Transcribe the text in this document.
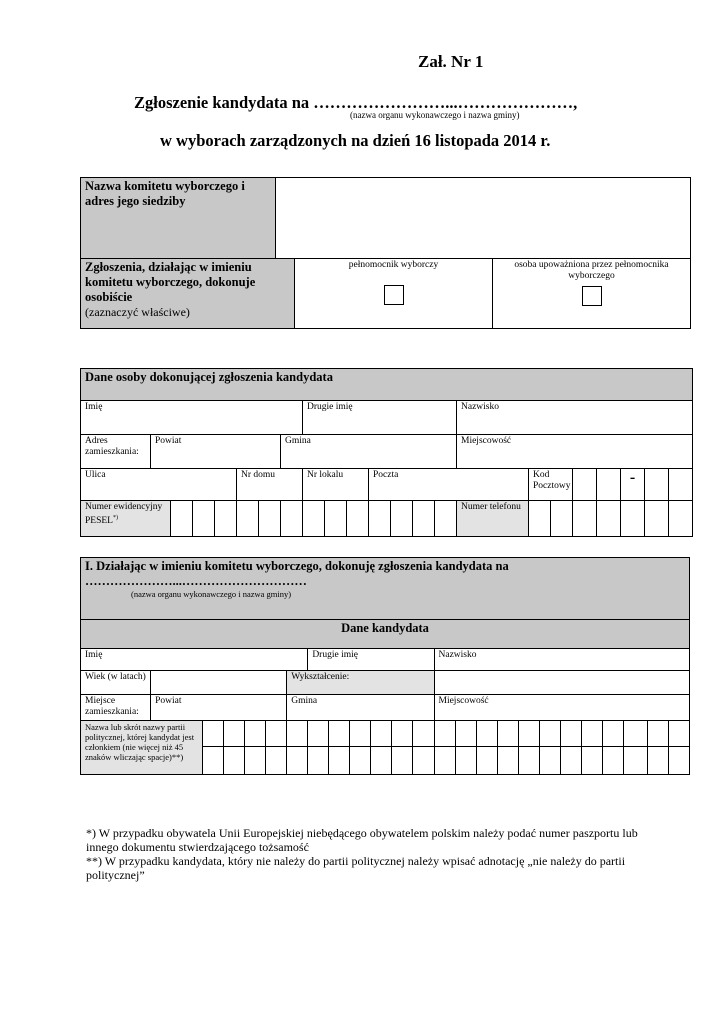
Zał. Nr 1
Zgłoszenie kandydata na ……………………...…………………,
(nazwa organu wykonawczego i nazwa gminy)
w wyborach zarządzonych na dzień 16 listopada 2014 r.
Nazwa komitetu wyborczego i adres jego siedziby			

Zgłoszenia, działając w imieniu komitetu wyborczego, dokonuje osobiście
(zaznaczyć właściwe)		pełnomocnik wyborczy	osoba upoważniona przez pełnomocnika wyborczego
Dane osoby dokonującej zgłoszenia kandydata																						
Imię								Drugie imię							Nazwisko							
Adres zamieszkania:	Powiat						Gmina								Miejscowość							
Ulica					Nr domu			Nr lokalu			Poczta					Kod Pocztowy				-		
Numer ewidencyjny PESEL*)															Numer telefonu							
I. Działając w imieniu komitetu wyborczego, dokonuję zgłoszenia kandydata na
…………………...…………………………
(nazwa organu wykonawczego i nazwa gminy)																								

Dane kandydata																								
Imię							Drugie imię						Nazwisko											
Wiek (w latach)						Wykształcenie:																		
Miejsce zamieszkania:	Powiat					Gmina							Miejscowość											
Nazwa lub skrót nazwy partii politycznej, której kandydat jest członkiem (nie więcej niż 45 znaków wliczając spacje)**)																								

*) W przypadku obywatela Unii Europejskiej niebędącego obywatelem polskim należy podać numer paszportu lub innego dokumentu stwierdzającego tożsamość
**) W przypadku kandydata, który nie należy do partii politycznej należy wpisać adnotację „nie należy do partii politycznej”
